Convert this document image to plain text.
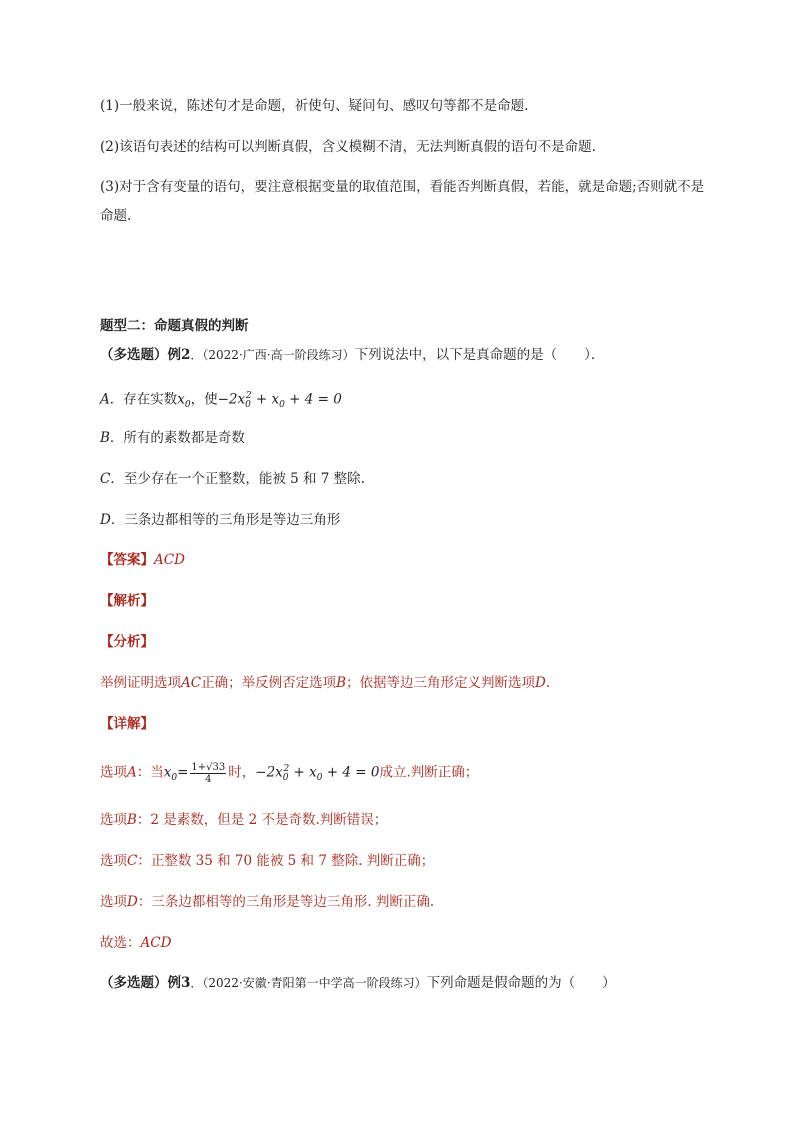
(1)一般来说，陈述句才是命题，祈使句、疑问句、感叹句等都不是命题.
(2)该语句表述的结构可以判断真假，含义模糊不清，无法判断真假的语句不是命题.
(3)对于含有变量的语句，要注意根据变量的取值范围，看能否判断真假，若能，就是命题;否则就不是
命题.
题型二：命题真假的判断
（多选题）例2．（2022·广西·高一阶段练习）下列说法中，以下是真命题的是（　　）．
A．存在实数$x_0$，使$-2x_0^2 + x_0 + 4 = 0$
B．所有的素数都是奇数
C．至少存在一个正整数，能被 5 和 7 整除.
D．三条边都相等的三角形是等边三角形
【答案】ACD
【解析】
【分析】
举例证明选项AC正确；举反例否定选项B；依据等边三角形定义判断选项D.
【详解】
选项A：当$x_0= \frac{1+√33}{4}$ 时，$-2x_0^2 + x_0 + 4 = 0$成立.判断正确；
选项B：2 是素数，但是 2 不是奇数.判断错误；
选项C：正整数 35 和 70 能被 5 和 7 整除. 判断正确；
选项D：三条边都相等的三角形是等边三角形. 判断正确.
故选：ACD
（多选题）例3．（2022·安徽·青阳第一中学高一阶段练习）下列命题是假命题的为（　　）
